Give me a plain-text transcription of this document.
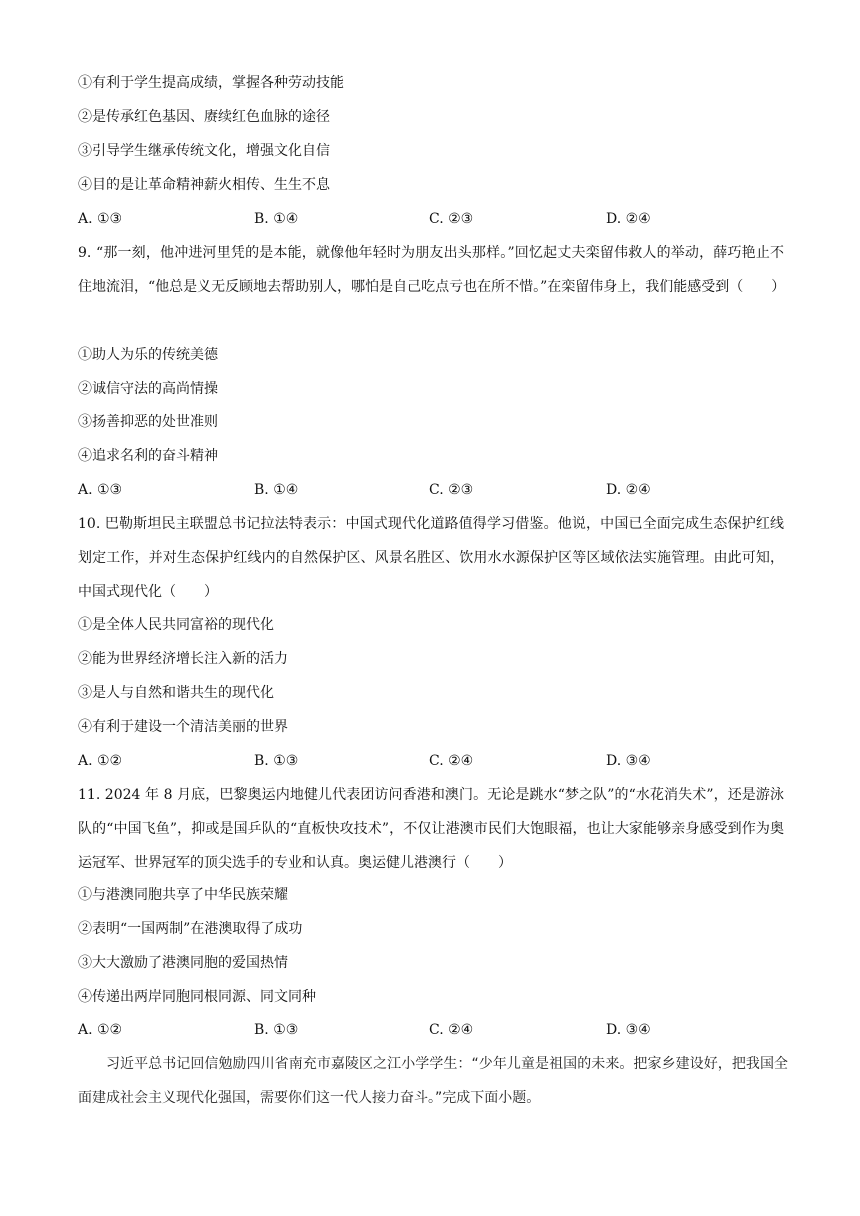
①有利于学生提高成绩，掌握各种劳动技能
②是传承红色基因、赓续红色血脉的途径
③引导学生继承传统文化，增强文化自信
④目的是让革命精神薪火相传、生生不息
A. ①③	B. ①④	C. ②③	D. ②④
9. “那一刻，他冲进河里凭的是本能，就像他年轻时为朋友出头那样。”回忆起丈夫栾留伟救人的举动，薛巧艳止不住地流泪，“他总是义无反顾地去帮助别人，哪怕是自己吃点亏也在所不惜。”在栾留伟身上，我们能感受到（　　）
①助人为乐的传统美德
②诚信守法的高尚情操
③扬善抑恶的处世准则
④追求名利的奋斗精神
A. ①③	B. ①④	C. ②③	D. ②④
10. 巴勒斯坦民主联盟总书记拉法特表示：中国式现代化道路值得学习借鉴。他说，中国已全面完成生态保护红线划定工作，并对生态保护红线内的自然保护区、风景名胜区、饮用水水源保护区等区域依法实施管理。由此可知，中国式现代化（　　）
①是全体人民共同富裕的现代化
②能为世界经济增长注入新的活力
③是人与自然和谐共生的现代化
④有利于建设一个清洁美丽的世界
A. ①②	B. ①③	C. ②④	D. ③④
11. 2024 年 8 月底，巴黎奥运内地健儿代表团访问香港和澳门。无论是跳水“梦之队”的“水花消失术”，还是游泳队的“中国飞鱼”，抑或是国乒队的“直板快攻技术”，不仅让港澳市民们大饱眼福，也让大家能够亲身感受到作为奥运冠军、世界冠军的顶尖选手的专业和认真。奥运健儿港澳行（　　）
①与港澳同胞共享了中华民族荣耀
②表明“一国两制”在港澳取得了成功
③大大激励了港澳同胞的爱国热情
④传递出两岸同胞同根同源、同文同种
A. ①②	B. ①③	C. ②④	D. ③④
习近平总书记回信勉励四川省南充市嘉陵区之江小学学生：“少年儿童是祖国的未来。把家乡建设好，把我国全面建成社会主义现代化强国，需要你们这一代人接力奋斗。”完成下面小题。
